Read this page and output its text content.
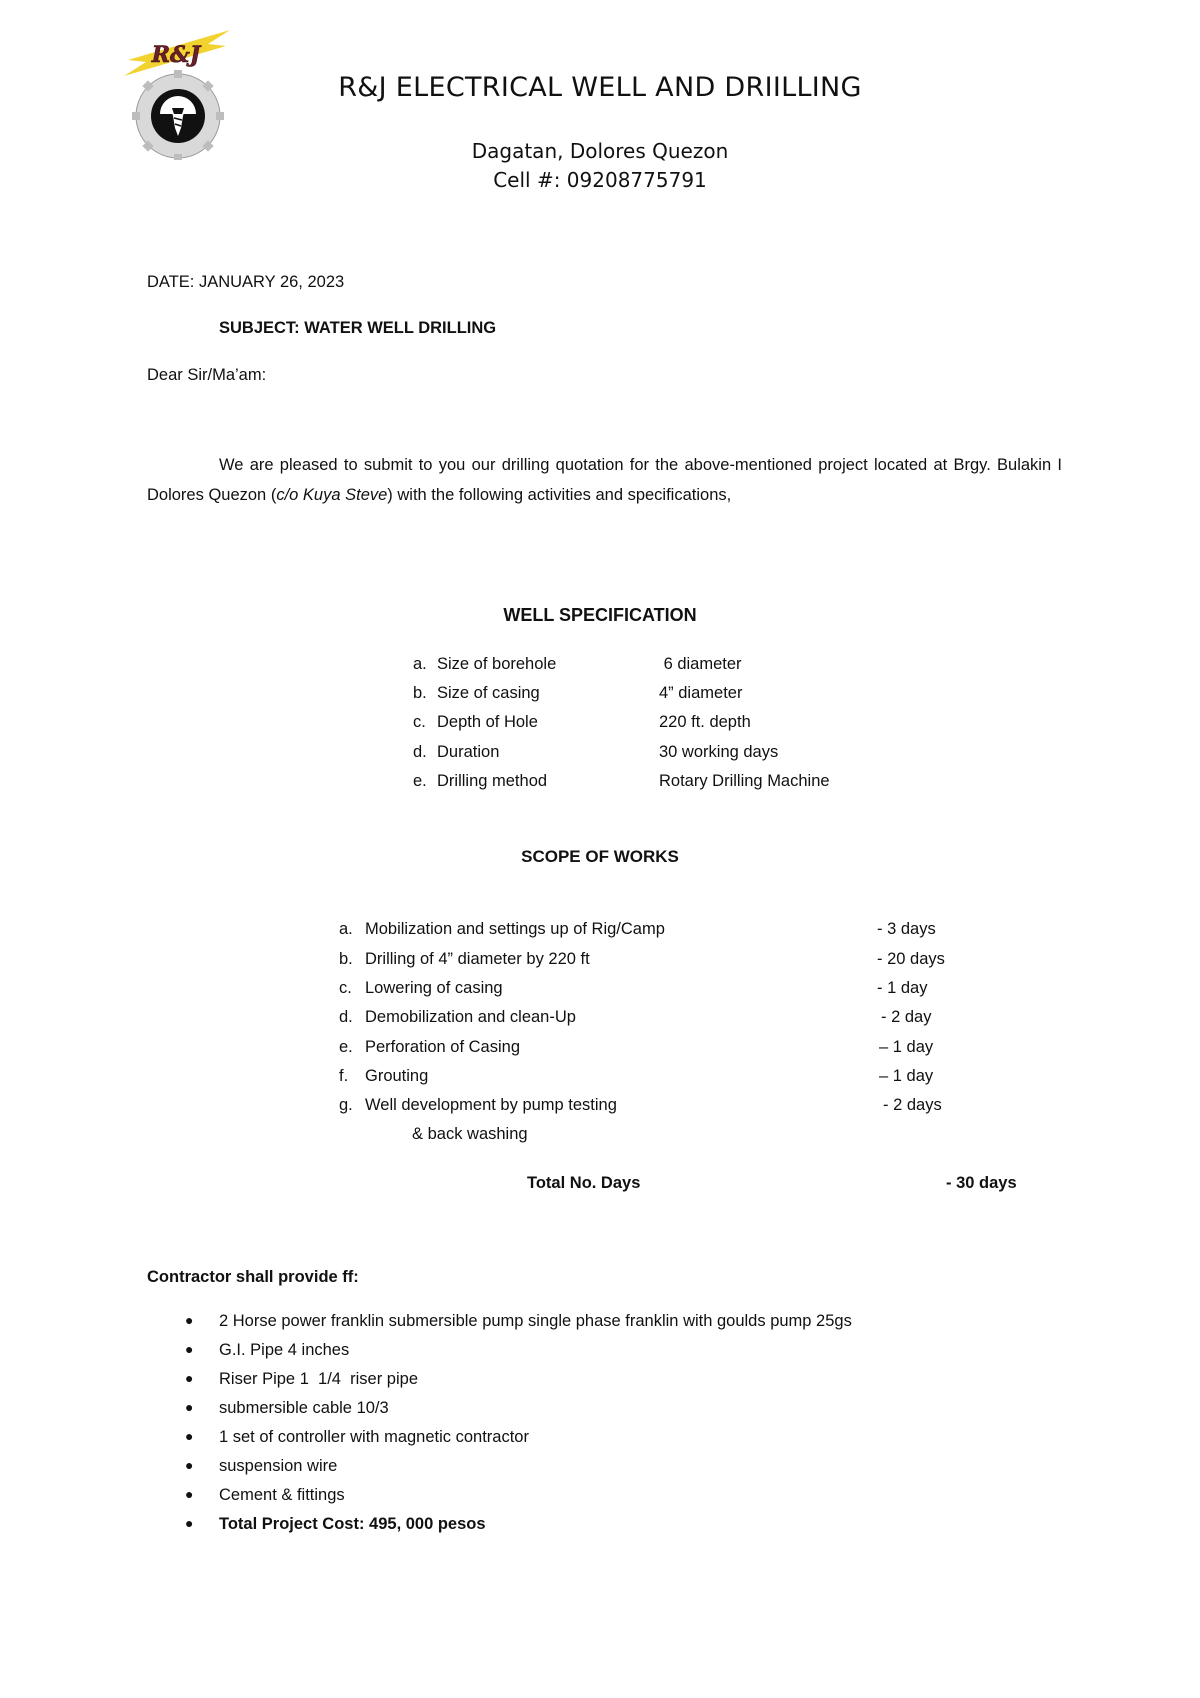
R&J
R&J ELECTRICAL WELL AND DRIILLING
Dagatan, Dolores Quezon
Cell #: 09208775791
DATE: JANUARY 26, 2023
SUBJECT: WATER WELL DRILLING
Dear Sir/Ma’am:
We are pleased to submit to you our drilling quotation for the above-mentioned project located at Brgy. Bulakin I Dolores Quezon (c/o Kuya Steve) with the following activities and specifications,
WELL SPECIFICATION
a. Size of borehole	6 diameter
b. Size of casing	4” diameter
c. Depth of Hole	220 ft. depth
d. Duration	30 working days
e. Drilling method	Rotary Drilling Machine
SCOPE OF WORKS
a. Mobilization and settings up of Rig/Camp	- 3 days
b. Drilling of 4” diameter by 220 ft	- 20 days
c. Lowering of casing	- 1 day
d. Demobilization and clean-Up	- 2 day
e. Perforation of Casing	– 1 day
f. Grouting	– 1 day
g. Well development by pump testing	- 2 days
& back washing
Total No. Days	- 30 days
Contractor shall provide ff:
● 2 Horse power franklin submersible pump single phase franklin with goulds pump 25gs
● G.I. Pipe 4 inches
● Riser Pipe 1  1/4  riser pipe
● submersible cable 10/3
● 1 set of controller with magnetic contractor
● suspension wire
● Cement & fittings
● Total Project Cost: 495, 000 pesos
